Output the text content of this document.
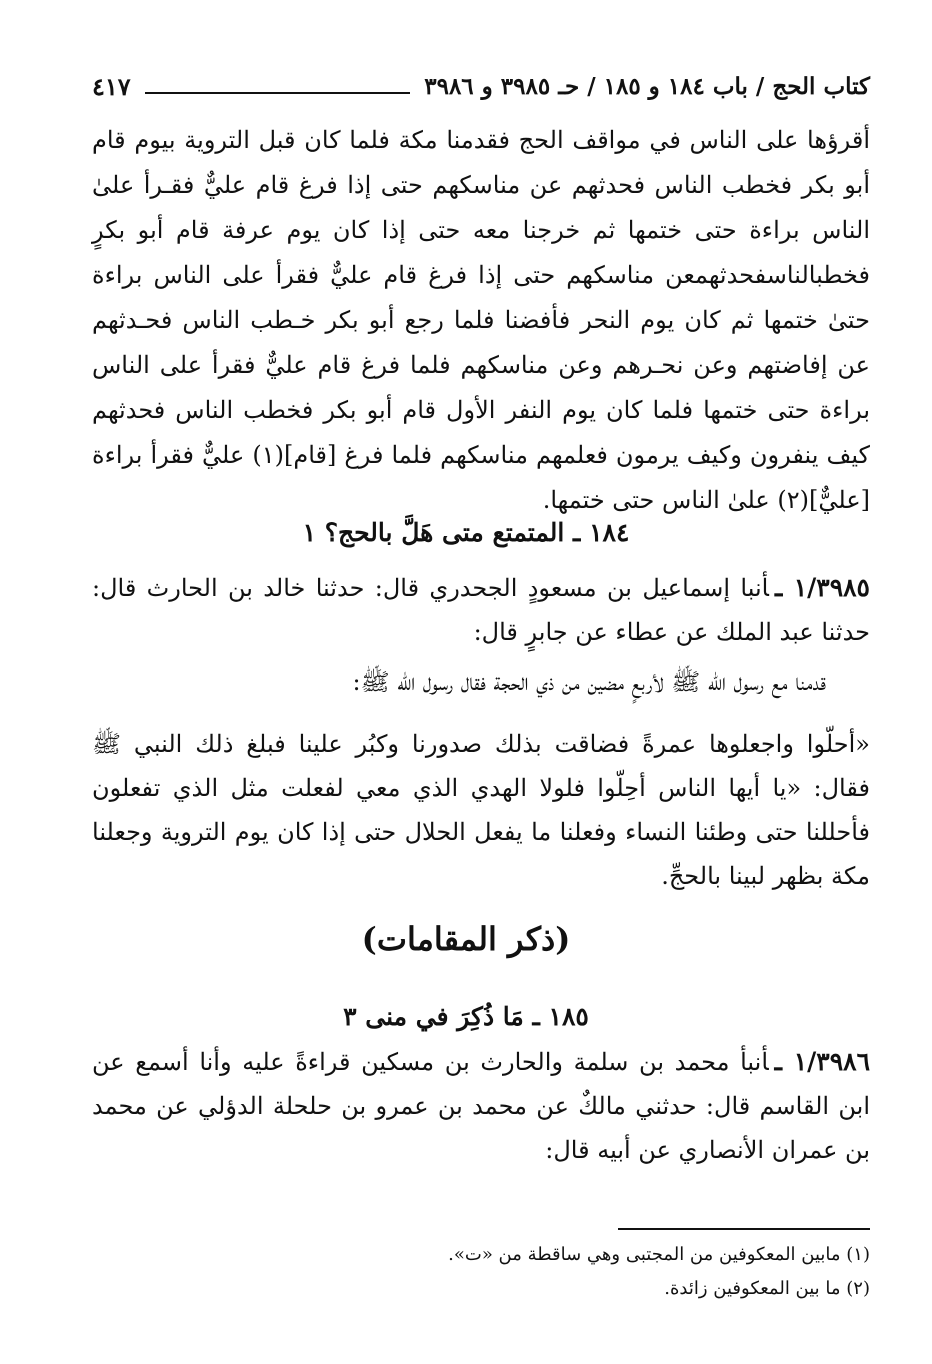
كتاب الحج / باب ١٨٤ و ١٨٥ / حـ ٣٩٨٥ و ٣٩٨٦
٤١٧

أقرؤها على الناس في مواقف الحج فقدمنا مكة فلما كان قبل التروية بيوم قام أبو بكر فخطب الناس فحدثهم عن مناسكهم حتى إذا فرغ قام عليٌّ فقـرأ علىٰ الناس براءة حتى ختمها ثم خرجنا معه حتى إذا كان يوم عرفة قام أبو بكرٍ فخطبالناسفحدثهمعن مناسكهم حتى إذا فرغ قام عليٌّ فقرأ على الناس براءة حتىٰ ختمها ثم كان يوم النحر فأفضنا فلما رجع أبو بكر خـطب الناس فحـدثهم عن إفاضتهم وعن نحـرهم وعن مناسكهم فلما فرغ قام عليٌّ فقرأ على الناس براءة حتى ختمها فلما كان يوم النفر الأول قام أبو بكر فخطب الناس فحدثهم كيف ينفرون وكيف يرمون فعلمهم مناسكهم فلما فرغ [قام](١) عليٌّ فقرأ براءة [عليٌّ](٢) علىٰ الناس حتى ختمها.

١٨٤ ـ المتمتع متى هَلَّ بالحج؟ ١

١/٣٩٨٥ ـأنبا إسماعيل بن مسعودٍ الجحدري قال: حدثنا خالد بن الحارث قال: حدثنا عبد الملك عن عطاء عن جابرٍ قال:

قدمنا مع رسول الله ﷺ لأربعٍ مضين من ذي الحجة فقال رسول الله ﷺ:

«أحلّوا واجعلوها عمرةً فضاقت بذلك صدورنا وكبُر علينا فبلغ ذلك النبي ﷺ فقال: «يا أيها الناس أحِلّوا فلولا الهدي الذي معي لفعلت مثل الذي تفعلون فأحللنا حتى وطئنا النساء وفعلنا ما يفعل الحلال حتى إذا كان يوم التروية وجعلنا مكة بظهر لبينا بالحجِّ.

(ذكر المقامات)
١٨٥ ـ مَا ذُكِرَ في منى ٣

١/٣٩٨٦ ـأنبأ محمد بن سلمة والحارث بن مسكين قراءةً عليه وأنا أسمع عن ابن القاسم قال: حدثني مالكٌ عن محمد بن عمرو بن حلحلة الدؤلي عن محمد بن عمران الأنصاري عن أبيه قال:

(١) مابين المعكوفين من المجتبى وهي ساقطة من «ت».
(٢) ما بين المعكوفين زائدة.
